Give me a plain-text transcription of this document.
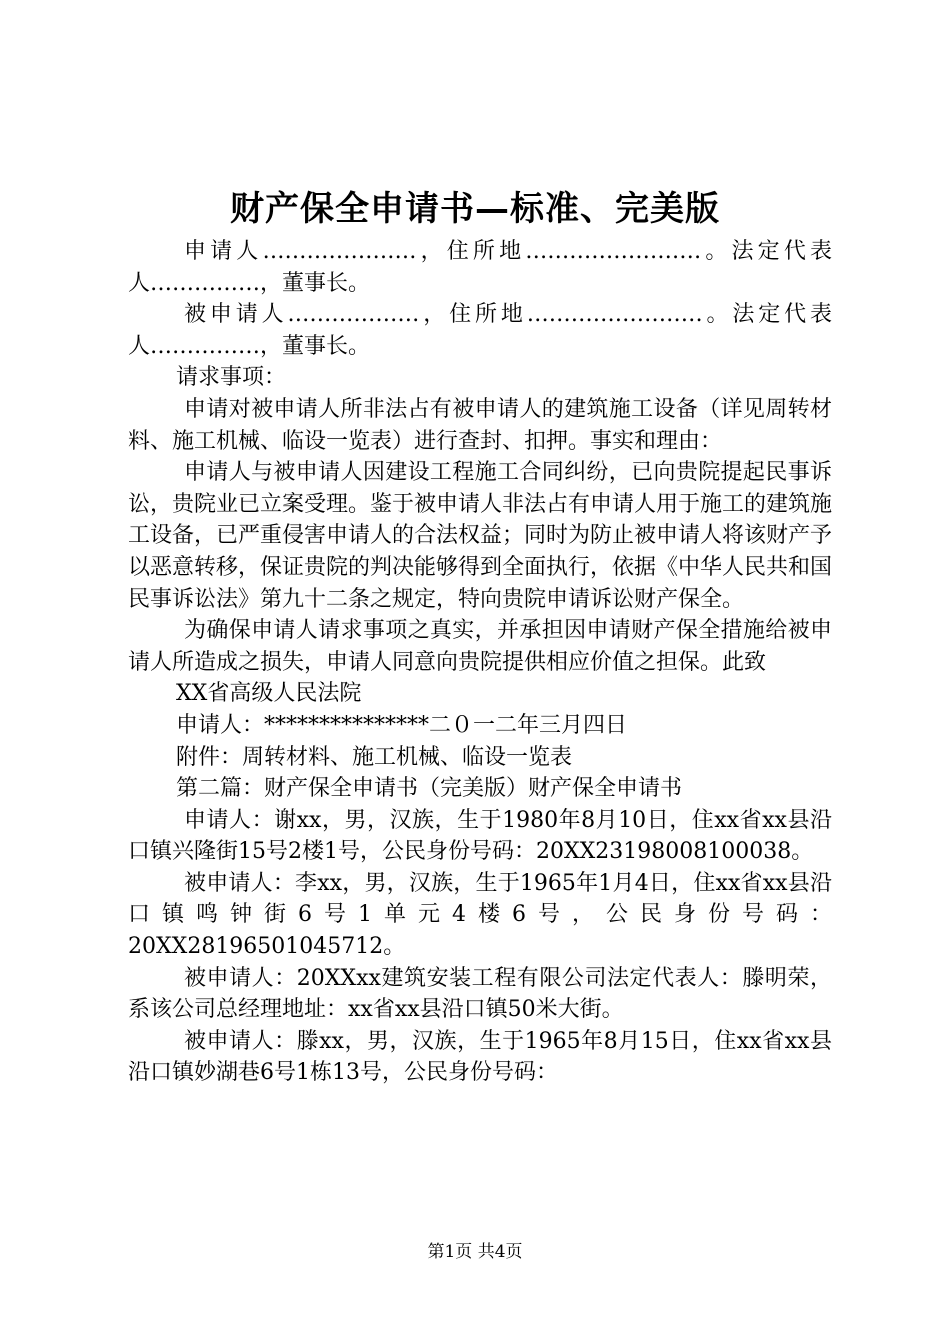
财产保全申请书—标准、完美版

申请人…………………，住所地……………………。法定代表人……………，董事长。

被申请人………………，住所地……………………。法定代表人……………，董事长。

请求事项：

申请对被申请人所非法占有被申请人的建筑施工设备（详见周转材料、施工机械、临设一览表）进行查封、扣押。事实和理由：

申请人与被申请人因建设工程施工合同纠纷，已向贵院提起民事诉讼，贵院业已立案受理。鉴于被申请人非法占有申请人用于施工的建筑施工设备，已严重侵害申请人的合法权益；同时为防止被申请人将该财产予以恶意转移，保证贵院的判决能够得到全面执行，依据《中华人民共和国民事诉讼法》第九十二条之规定，特向贵院申请诉讼财产保全。

为确保申请人请求事项之真实，并承担因申请财产保全措施给被申请人所造成之损失，申请人同意向贵院提供相应价值之担保。此致

XX省高级人民法院

申请人：***************二０一二年三月四日

附件：周转材料、施工机械、临设一览表

第二篇：财产保全申请书（完美版）财产保全申请书

申请人：谢xx，男，汉族，生于1980年8月10日，住xx省xx县沿口镇兴隆街15号2楼1号，公民身份号码：20XX23198008100038。

被申请人：李xx，男，汉族，生于1965年1月4日，住xx省xx县沿口镇鸣钟街6号1单元4楼6号，公民身份号码：20XX28196501045712。

被申请人：20XXxx建筑安装工程有限公司法定代表人：滕明荣，系该公司总经理地址：xx省xx县沿口镇50米大街。

被申请人：滕xx，男，汉族，生于1965年8月15日，住xx省xx县沿口镇妙湖巷6号1栋13号，公民身份号码：

第1页 共4页
